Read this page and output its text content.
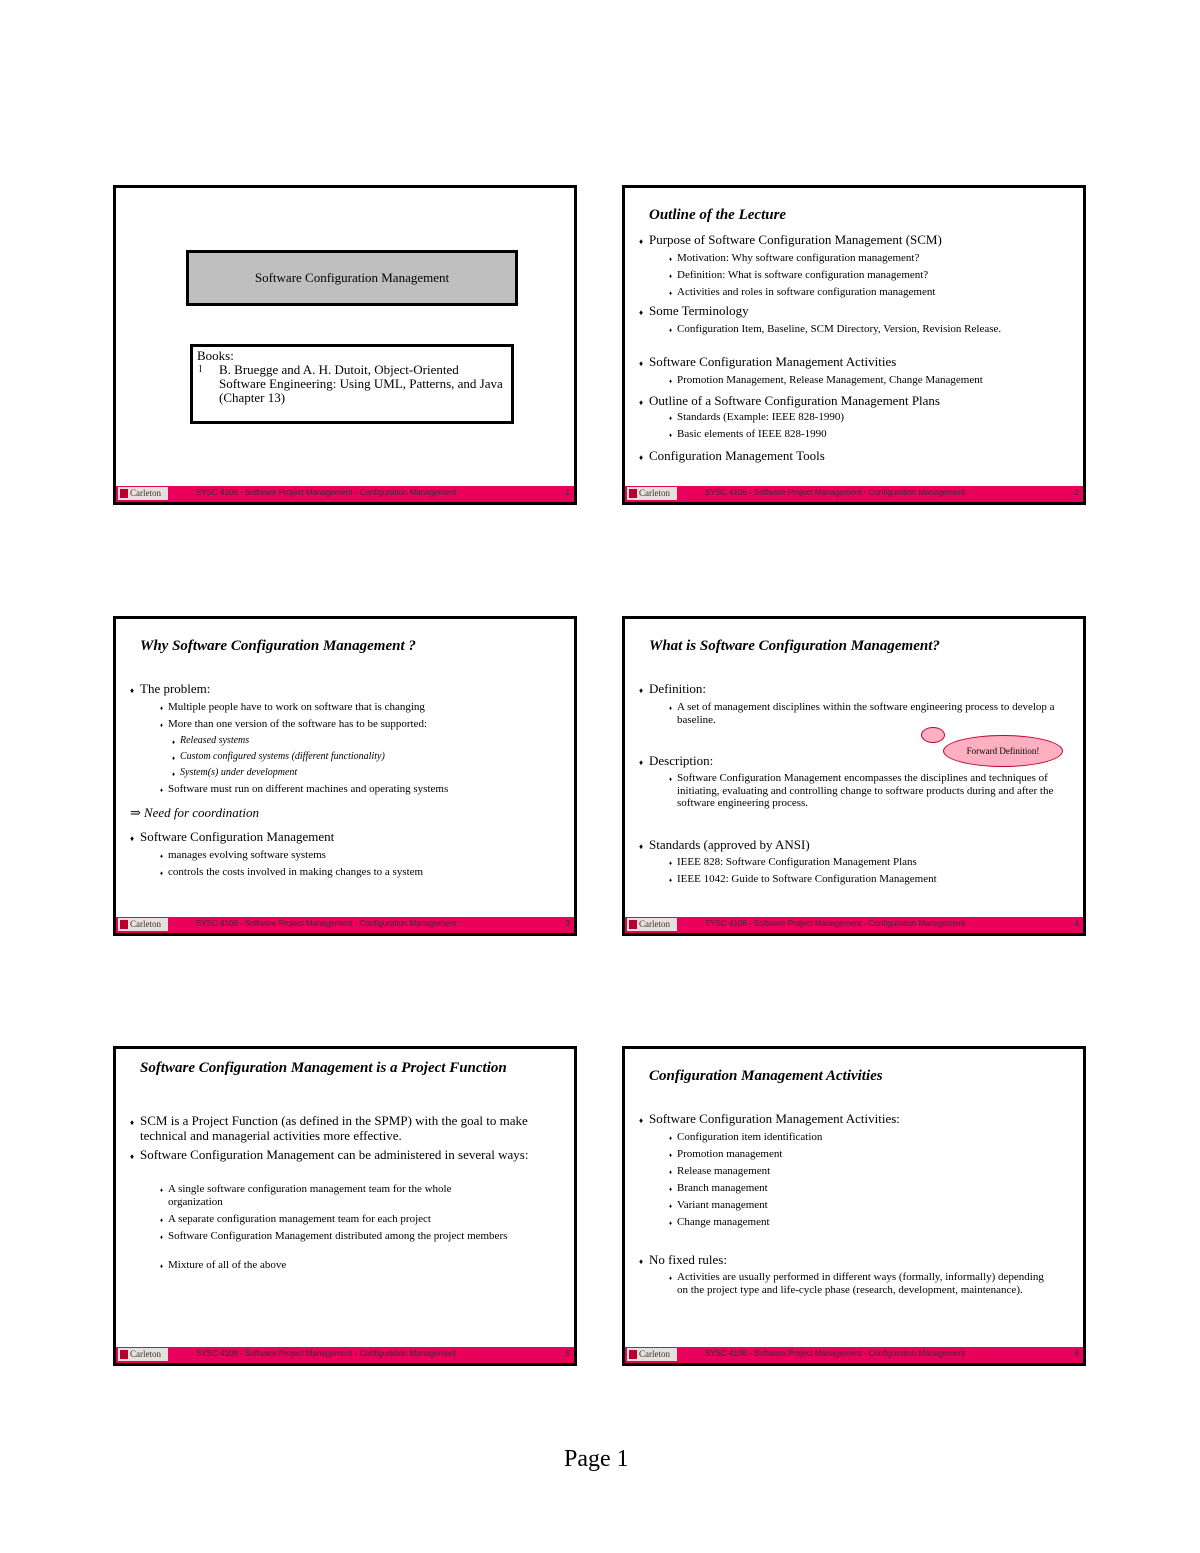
Software Configuration Management
Books:
l B. Bruegge and A. H. Dutoit, Object-Oriented Software Engineering: Using UML, Patterns, and Java (Chapter 13)
Carleton	SYSC 4106 - Software Project Management - Configuration Management	1
Outline of the Lecture
♦ Purpose of Software Configuration Management (SCM)
♦ Motivation: Why software configuration management?
♦ Definition: What is software configuration management?
♦ Activities and roles in software configuration management
♦ Some Terminology
♦ Configuration Item, Baseline, SCM Directory, Version, Revision Release.
♦ Software Configuration Management Activities
♦ Promotion Management, Release Management, Change Management
♦ Outline of a Software Configuration Management Plans
♦ Standards (Example: IEEE 828-1990)
♦ Basic elements of IEEE 828-1990
♦ Configuration Management Tools
Carleton	SYSC 4106 - Software Project Management - Configuration Management	2
Why Software Configuration Management ?
♦ The problem:
♦ Multiple people have to work on software that is changing
♦ More than one version of the software has to be supported:
♦ Released systems
♦ Custom configured systems (different functionality)
♦ System(s) under development
♦ Software must run on different machines and operating systems
⇒ Need for coordination
♦ Software Configuration Management
♦ manages evolving software systems
♦ controls the costs involved in making changes to a system
Carleton	SYSC 4106 - Software Project Management - Configuration Management	3
What is Software Configuration Management?
♦ Definition:
♦ A set of management disciplines within the software engineering process to develop a baseline.
♦ Description:
♦ Software Configuration Management encompasses the disciplines and techniques of initiating, evaluating and controlling change to software products during and after the software engineering process.
♦ Standards (approved by ANSI)
♦ IEEE 828: Software Configuration Management Plans
♦ IEEE 1042: Guide to Software Configuration Management
Forward Definition!
Carleton	SYSC 4106 - Software Project Management - Configuration Management	4
Software Configuration Management is a Project Function
♦ SCM is a Project Function (as defined in the SPMP) with the goal to make technical and managerial activities more effective.
♦ Software Configuration Management can be administered in several ways:
♦ A single software configuration management team for the whole organization
♦ A separate configuration management team for each project
♦ Software Configuration Management distributed among the project members
♦ Mixture of all of the above
Carleton	SYSC 4106 - Software Project Management - Configuration Management	5
Configuration Management Activities
♦ Software Configuration Management Activities:
♦ Configuration item identification
♦ Promotion management
♦ Release management
♦ Branch management
♦ Variant management
♦ Change management
♦ No fixed rules:
♦ Activities are usually performed in different ways (formally, informally) depending on the project type and life-cycle phase (research, development, maintenance).
Carleton	SYSC 4106 - Software Project Management - Configuration Management	6
Page 1
